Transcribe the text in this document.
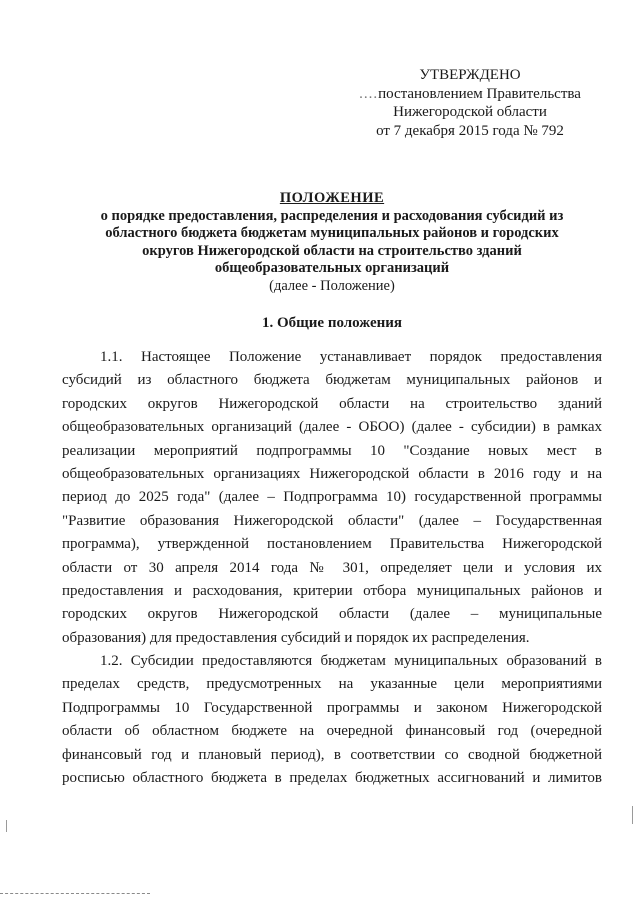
УТВЕРЖДЕНО
....постановлением Правительства
Нижегородской области
от 7 декабря 2015 года № 792
ПОЛОЖЕНИЕ
о порядке предоставления, распределения и расходования субсидий из
областного бюджета бюджетам муниципальных районов и городских
округов Нижегородской области на строительство зданий
общеобразовательных организаций
(далее - Положение)
1. Общие положения
1.1. Настоящее Положение устанавливает порядок предоставления
субсидий из областного бюджета бюджетам муниципальных районов и
городских округов Нижегородской области на строительство зданий
общеобразовательных организаций (далее - ОБОО) (далее - субсидии) в рамках
реализации мероприятий подпрограммы 10 "Создание новых мест в
общеобразовательных организациях Нижегородской области в 2016 году и на
период до 2025 года" (далее – Подпрограмма 10) государственной программы
"Развитие образования Нижегородской области" (далее – Государственная
программа), утвержденной постановлением Правительства Нижегородской
области от 30 апреля 2014 года № 301, определяет цели и условия их
предоставления и расходования, критерии отбора муниципальных районов и
городских округов Нижегородской области (далее – муниципальные
образования) для предоставления субсидий и порядок их распределения.
1.2. Субсидии предоставляются бюджетам муниципальных образований в
пределах средств, предусмотренных на указанные цели мероприятиями
Подпрограммы 10 Государственной программы и законом Нижегородской
области об областном бюджете на очередной финансовый год (очередной
финансовый год и плановый период), в соответствии со сводной бюджетной
росписью областного бюджета в пределах бюджетных ассигнований и лимитов
